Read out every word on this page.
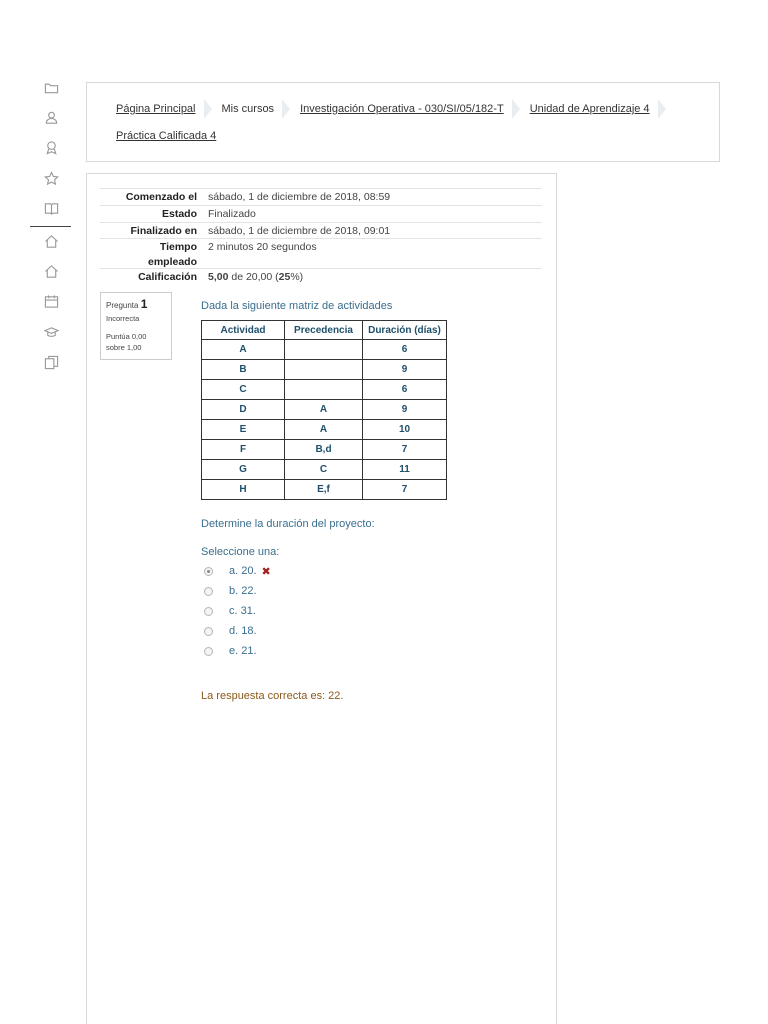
Página Principal Mis cursos Investigación Operativa - 030/SI/05/182-T Unidad de Aprendizaje 4
Práctica Calificada 4
Comenzado el sábado, 1 de diciembre de 2018, 08:59
Estado Finalizado
Finalizado en sábado, 1 de diciembre de 2018, 09:01
Tiempo
empleado
2 minutos 20 segundos
Calificación 5,00 de 20,00 (25%)
Pregunta 1
Incorrecta
Puntúa 0,00
sobre 1,00
Dada la siguiente matriz de actividades
Actividad	Precedencia	Duración (días)
A		6
B		9
C		6
D	A	9
E	A	10
F	B,d	7
G	C	11
H	E,f	7
Determine la duración del proyecto:
Seleccione una:
a. 20. ✖
b. 22.
c. 31.
d. 18.
e. 21.
La respuesta correcta es: 22.
